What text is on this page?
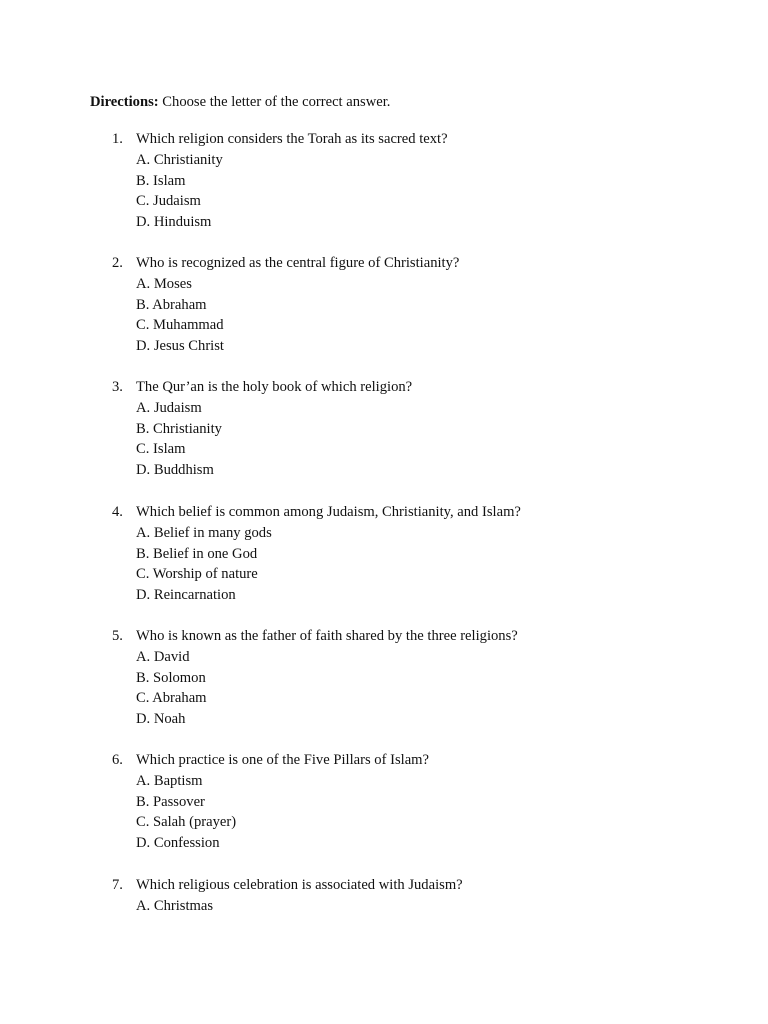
Directions: Choose the letter of the correct answer.
1. Which religion considers the Torah as its sacred text?
A. Christianity
B. Islam
C. Judaism
D. Hinduism
2. Who is recognized as the central figure of Christianity?
A. Moses
B. Abraham
C. Muhammad
D. Jesus Christ
3. The Qur’an is the holy book of which religion?
A. Judaism
B. Christianity
C. Islam
D. Buddhism
4. Which belief is common among Judaism, Christianity, and Islam?
A. Belief in many gods
B. Belief in one God
C. Worship of nature
D. Reincarnation
5. Who is known as the father of faith shared by the three religions?
A. David
B. Solomon
C. Abraham
D. Noah
6. Which practice is one of the Five Pillars of Islam?
A. Baptism
B. Passover
C. Salah (prayer)
D. Confession
7. Which religious celebration is associated with Judaism?
A. Christmas
